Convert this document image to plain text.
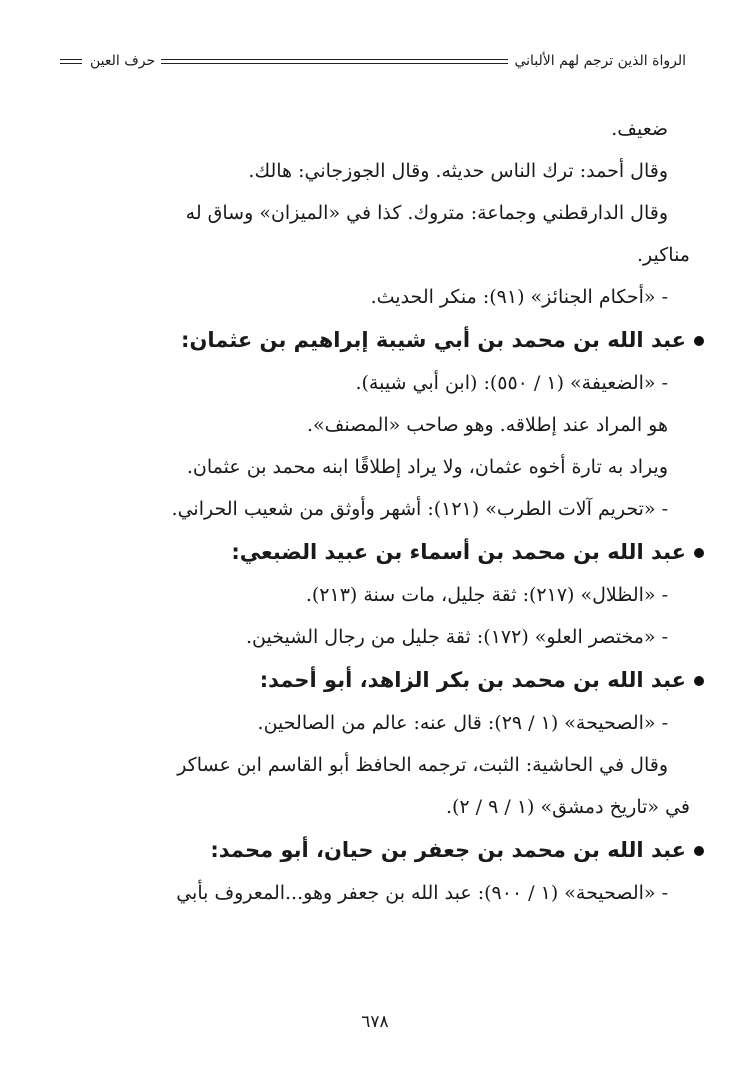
الرواة الذين ترجم لهم الألباني
حرف العين
ضعيف.
وقال أحمد: ترك الناس حديثه. وقال الجوزجاني: هالك.
وقال الدارقطني وجماعة: متروك. كذا في «الميزان» وساق له
مناكير.
- «أحكام الجنائز» (٩١): منكر الحديث.
عبد الله بن محمد بن أبي شيبة إبراهيم بن عثمان:
- «الضعيفة» (١ / ٥٥٠): (ابن أبي شيبة).
هو المراد عند إطلاقه. وهو صاحب «المصنف».
ويراد به تارة أخوه عثمان، ولا يراد إطلاقًا ابنه محمد بن عثمان.
- «تحريم آلات الطرب» (١٢١): أشهر وأوثق من شعيب الحراني.
عبد الله بن محمد بن أسماء بن عبيد الضبعي:
- «الظلال» (٢١٧): ثقة جليل، مات سنة (٢١٣).
- «مختصر العلو» (١٧٢): ثقة جليل من رجال الشيخين.
عبد الله بن محمد بن بكر الزاهد، أبو أحمد:
- «الصحيحة» (١ / ٢٩): قال عنه: عالم من الصالحين.
وقال في الحاشية: الثبت، ترجمه الحافظ أبو القاسم ابن عساكر
في «تاريخ دمشق» (١ / ٩ / ٢).
عبد الله بن محمد بن جعفر بن حيان، أبو محمد:
- «الصحيحة» (١ / ٩٠٠): عبد الله بن جعفر وهو...المعروف بأبي
٦٧٨
